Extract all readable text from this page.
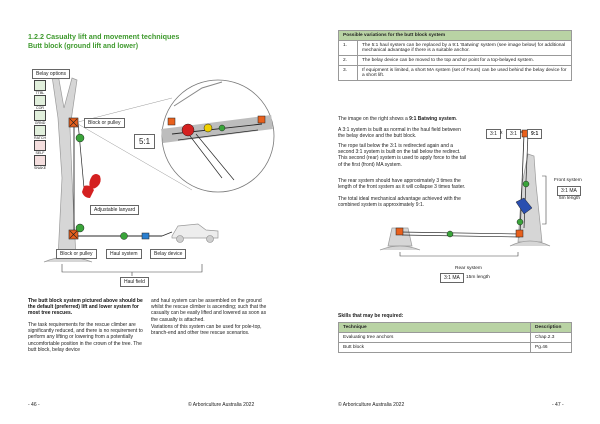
1.2.2 Casualty lift and movement techniques
Butt block (ground lift and lower)
Belay options
TTBL
COR
GRND
RATCH
SELF
SNAKE
Block or pulley
5:1
Adjustable lanyard
Block or pulley	Haul system	Belay device
Haul field
The butt block system pictured above should be the default (preferred) lift and lower system for most tree rescues.
The task requirements for the rescue climber are significantly reduced, and there is no requirement to perform any lifting or lowering from a potentially uncomfortable position in the crown of the tree. The butt block, belay device
and haul system can be assembled on the ground whilst the rescue climber is ascending; such that the casualty can be easily lifted and lowered as soon as the casualty is attached.
Variations of this system can be used for pole-top, branch-end and other tree rescue scenarios.
- 46 -	© Arboriculture Australia 2022
Possible variations for the butt block system	
1.	The 5:1 haul system can be replaced by a 9:1 'Batwing' system (see image below) for additional mechanical advantage if there is a suitable anchor.
2.	The belay device can be moved to the top anchor point for a top-belayed system.
3.	If equipment is limited, a short MA system (set of Fours) can be used behind the belay device for a short lift.
The image on the right shows a 9:1 Batwing system.
A 3:1 system is built as normal in the haul field between the belay device and the butt block.
The rope tail below the 3:1 is redirected again and a second 3:1 system is built on the tail below the redirect. This second (rear) system is used to apply force to the tail of the first (front) MA system.
The rear system should have approximately 3 times the length of the front system as it will collapse 3 times faster.
The total ideal mechanical advantage achieved with the combined system is approximately 9:1.
3:1 x	3:1 =	9:1
Front system
3:1 MA
5m length
Rear system
3:1 MA	15m length
Skills that may be required:
Technique	Description
Evaluating tree anchors	Chap.2.3
Butt block	Pg.46
© Arboriculture Australia 2022	- 47 -
